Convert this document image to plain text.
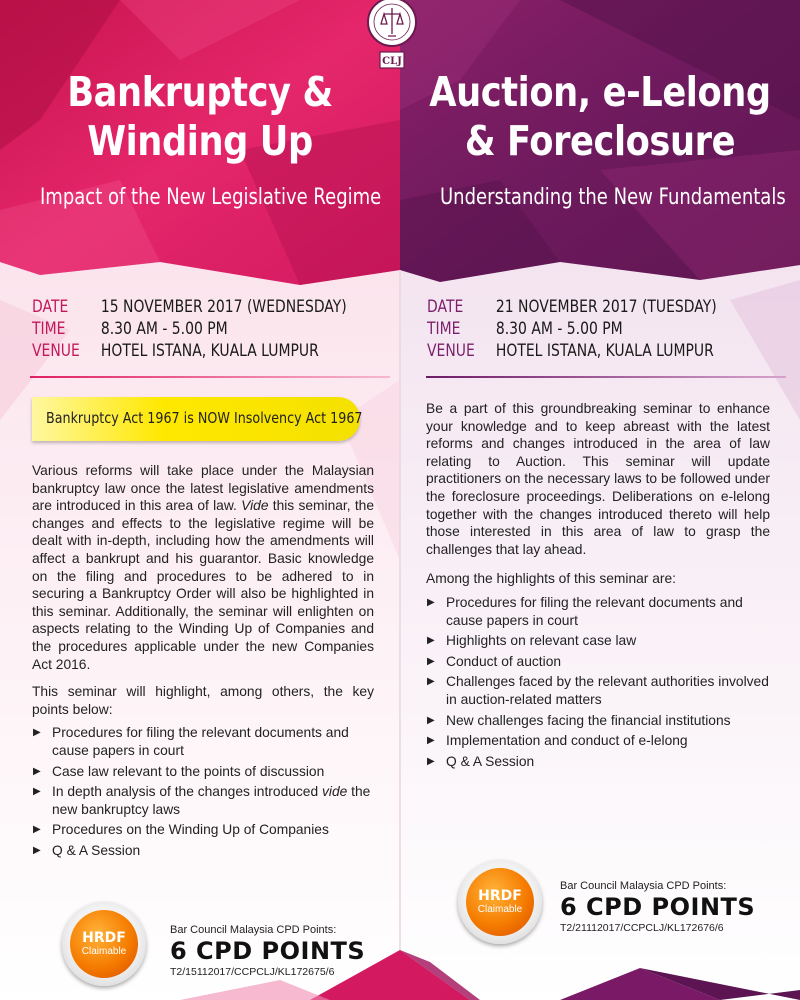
CLJ
Bankruptcy &
Winding Up
Impact of the New Legislative Regime
DATE	15 NOVEMBER 2017 (WEDNESDAY)
TIME	8.30 AM - 5.00 PM
VENUE	HOTEL ISTANA, KUALA LUMPUR
Bankruptcy Act 1967 is NOW Insolvency Act 1967

Various reforms will take place under the Malaysian bankruptcy law once the latest legislative amendments are introduced in this area of law. Vide this seminar, the changes and effects to the legislative regime will be dealt with in-depth, including how the amendments will affect a bankrupt and his guarantor. Basic knowledge on the filing and procedures to be adhered to in securing a Bankruptcy Order will also be highlighted in this seminar. Additionally, the seminar will enlighten on aspects relating to the Winding Up of Companies and the procedures applicable under the new Companies Act 2016.

This seminar will highlight, among others, the key points below:

▶ Procedures for filing the relevant documents and cause papers in court
▶ Case law relevant to the points of discussion
▶ In depth analysis of the changes introduced vide the new bankruptcy laws
▶ Procedures on the Winding Up of Companies
▶ Q & A Session
HRDF
Claimable
Bar Council Malaysia CPD Points:
6 CPD POINTS
T2/15112017/CCPCLJ/KL172675/6
Auction, e-Lelong
& Foreclosure
Understanding the New Fundamentals
DATE	21 NOVEMBER 2017 (TUESDAY)
TIME	8.30 AM - 5.00 PM
VENUE	HOTEL ISTANA, KUALA LUMPUR

Be a part of this groundbreaking seminar to enhance your knowledge and to keep abreast with the latest reforms and changes introduced in the area of law relating to Auction. This seminar will update practitioners on the necessary laws to be followed under the foreclosure proceedings. Deliberations on e-lelong together with the changes introduced thereto will help those interested in this area of law to grasp the challenges that lay ahead.

Among the highlights of this seminar are:

▶ Procedures for filing the relevant documents and cause papers in court
▶ Highlights on relevant case law
▶ Conduct of auction
▶ Challenges faced by the relevant authorities involved in auction-related matters
▶ New challenges facing the financial institutions
▶ Implementation and conduct of e-lelong
▶ Q & A Session
HRDF
Claimable
Bar Council Malaysia CPD Points:
6 CPD POINTS
T2/21112017/CCPCLJ/KL172676/6
